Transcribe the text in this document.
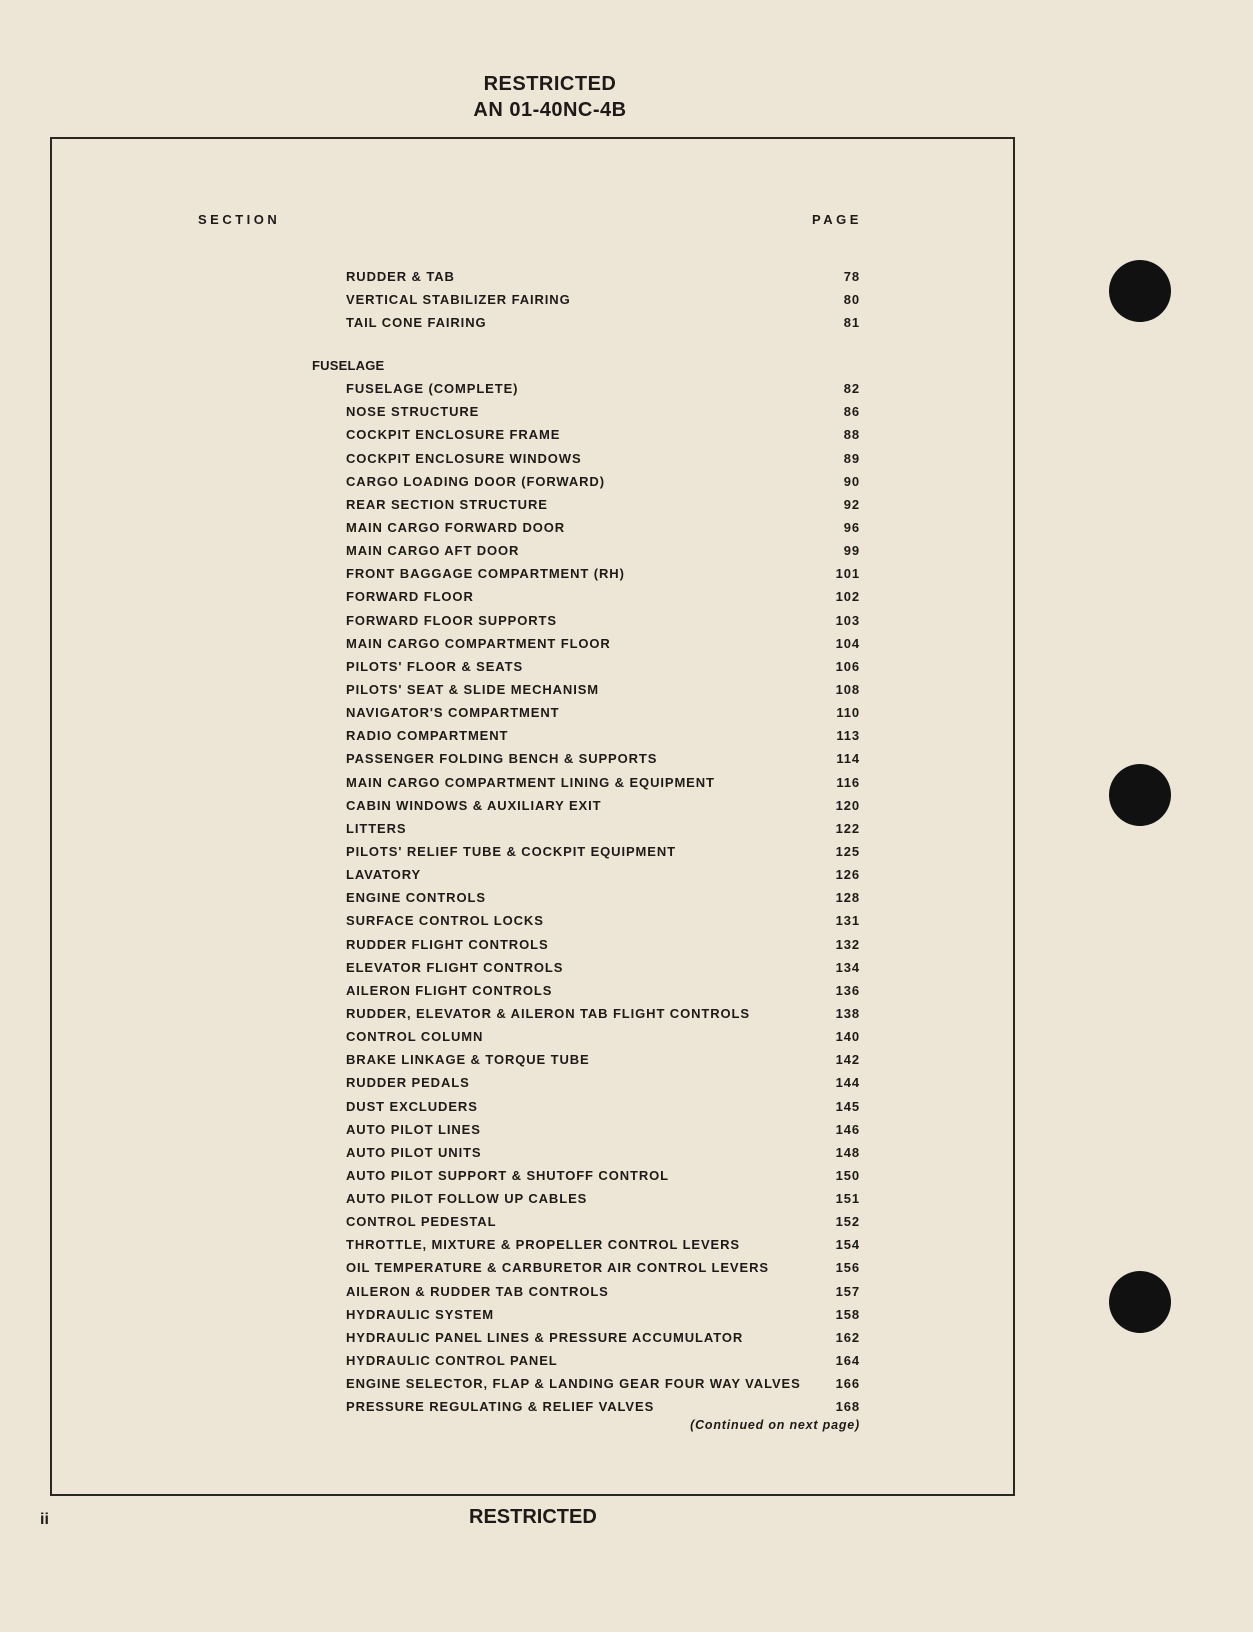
RESTRICTED
AN 01-40NC-4B
SECTION	PAGE
RUDDER & TAB	78
VERTICAL STABILIZER FAIRING	80
TAIL CONE FAIRING	81
FUSELAGE
FUSELAGE (COMPLETE)	82
NOSE STRUCTURE	86
COCKPIT ENCLOSURE FRAME	88
COCKPIT ENCLOSURE WINDOWS	89
CARGO LOADING DOOR (FORWARD)	90
REAR SECTION STRUCTURE	92
MAIN CARGO FORWARD DOOR	96
MAIN CARGO AFT DOOR	99
FRONT BAGGAGE COMPARTMENT (RH)	101
FORWARD FLOOR	102
FORWARD FLOOR SUPPORTS	103
MAIN CARGO COMPARTMENT FLOOR	104
PILOTS' FLOOR & SEATS	106
PILOTS' SEAT & SLIDE MECHANISM	108
NAVIGATOR'S COMPARTMENT	110
RADIO COMPARTMENT	113
PASSENGER FOLDING BENCH & SUPPORTS	114
MAIN CARGO COMPARTMENT LINING & EQUIPMENT	116
CABIN WINDOWS & AUXILIARY EXIT	120
LITTERS	122
PILOTS' RELIEF TUBE & COCKPIT EQUIPMENT	125
LAVATORY	126
ENGINE CONTROLS	128
SURFACE CONTROL LOCKS	131
RUDDER FLIGHT CONTROLS	132
ELEVATOR FLIGHT CONTROLS	134
AILERON FLIGHT CONTROLS	136
RUDDER, ELEVATOR & AILERON TAB FLIGHT CONTROLS	138
CONTROL COLUMN	140
BRAKE LINKAGE & TORQUE TUBE	142
RUDDER PEDALS	144
DUST EXCLUDERS	145
AUTO PILOT LINES	146
AUTO PILOT UNITS	148
AUTO PILOT SUPPORT & SHUTOFF CONTROL	150
AUTO PILOT FOLLOW UP CABLES	151
CONTROL PEDESTAL	152
THROTTLE, MIXTURE & PROPELLER CONTROL LEVERS	154
OIL TEMPERATURE & CARBURETOR AIR CONTROL LEVERS	156
AILERON & RUDDER TAB CONTROLS	157
HYDRAULIC SYSTEM	158
HYDRAULIC PANEL LINES & PRESSURE ACCUMULATOR	162
HYDRAULIC CONTROL PANEL	164
ENGINE SELECTOR, FLAP & LANDING GEAR FOUR WAY VALVES	166
PRESSURE REGULATING & RELIEF VALVES	168
(Continued on next page)
ii	RESTRICTED
